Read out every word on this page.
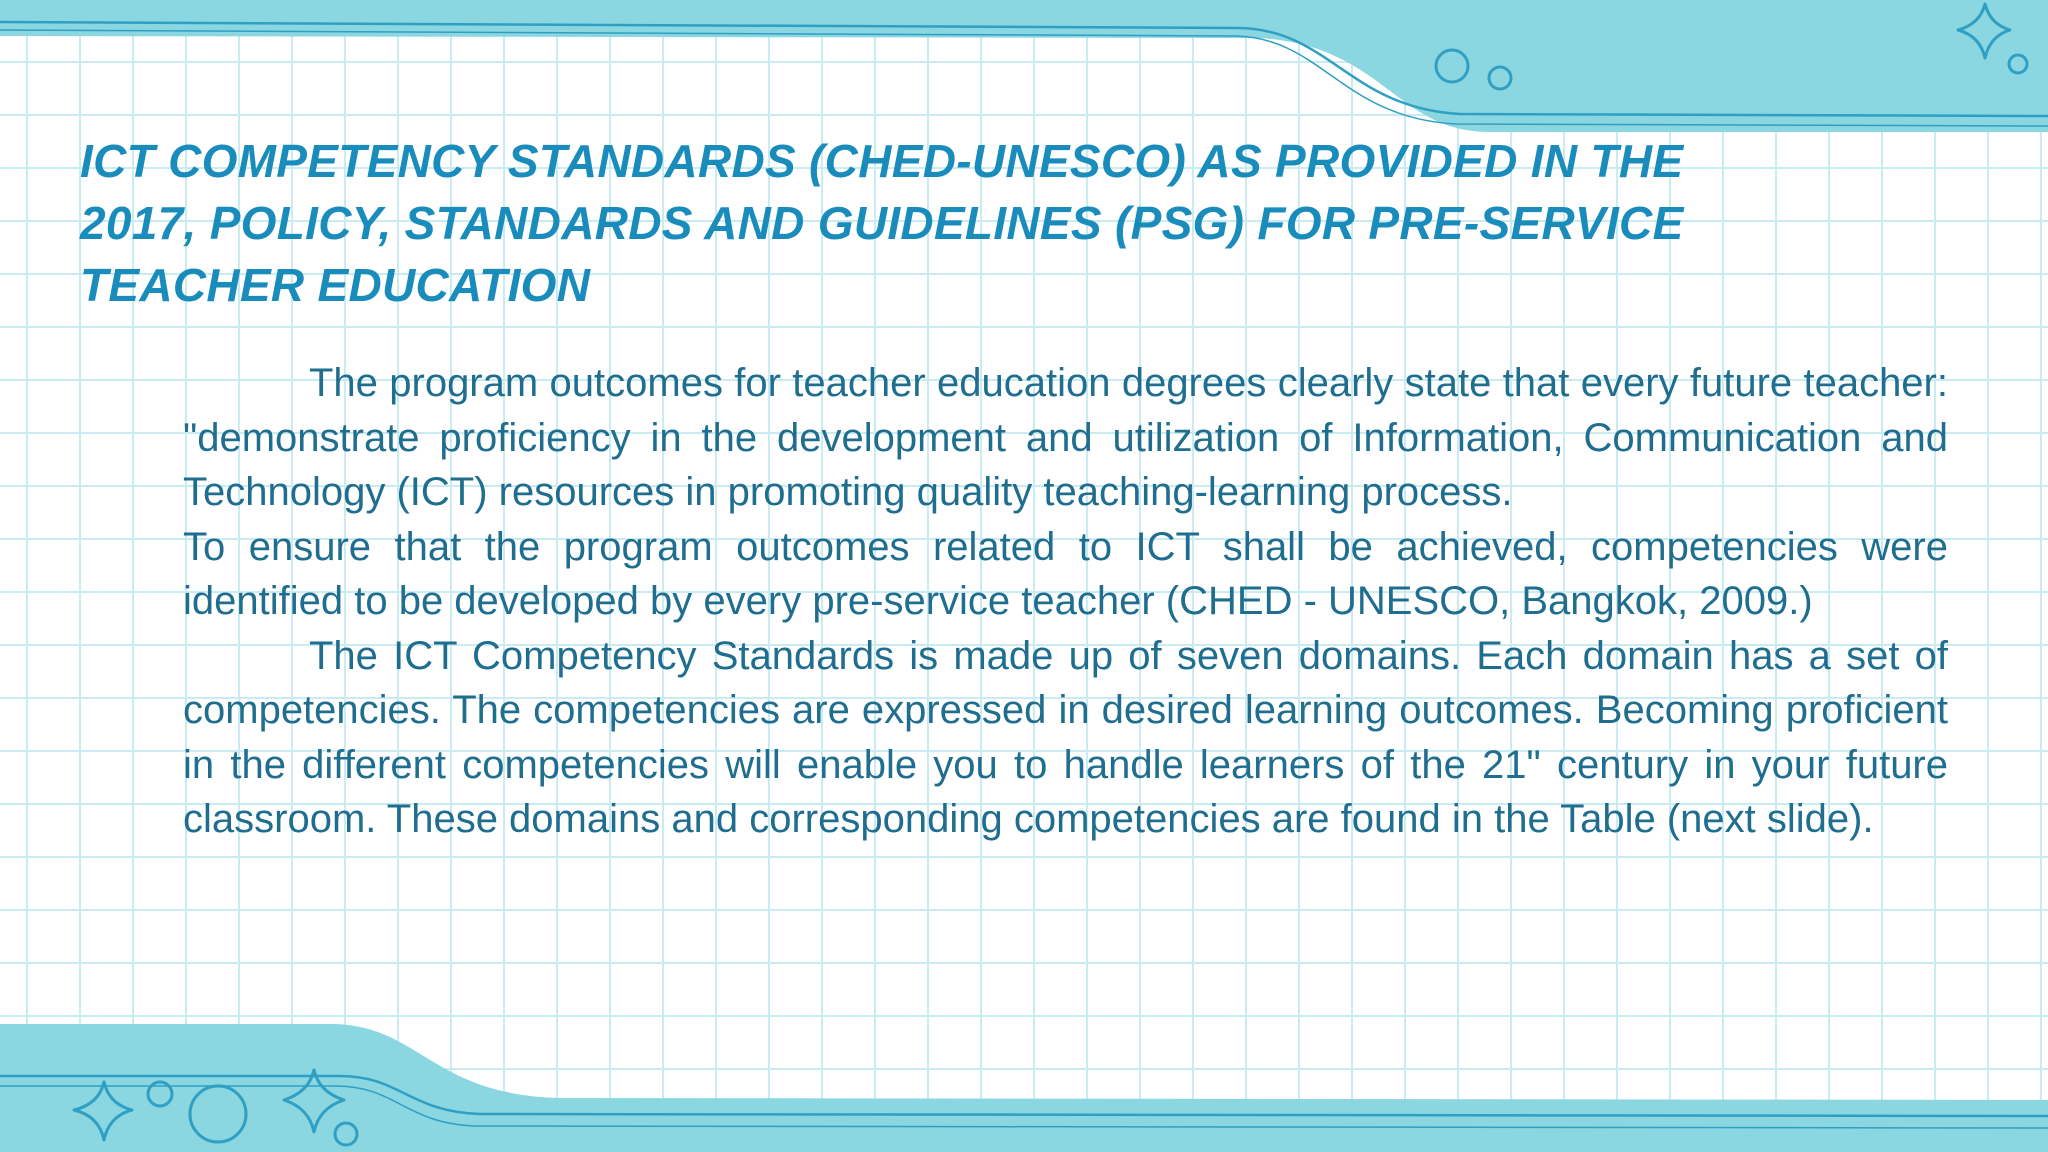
ICT COMPETENCY STANDARDS (CHED-UNESCO) AS PROVIDED IN THE 2017, POLICY, STANDARDS AND GUIDELINES (PSG) FOR PRE-SERVICE TEACHER EDUCATION

The program outcomes for teacher education degrees clearly state that every future teacher: "demonstrate proficiency in the development and utilization of Information, Communication and Technology (ICT) resources in promoting quality teaching-learning process.

To ensure that the program outcomes related to ICT shall be achieved, competencies were identified to be developed by every pre-service teacher (CHED - UNESCO, Bangkok, 2009.)

The ICT Competency Standards is made up of seven domains. Each domain has a set of competencies. The competencies are expressed in desired learning outcomes. Becoming proficient in the different competencies will enable you to handle learners of the 21" century in your future classroom. These domains and corresponding competencies are found in the Table (next slide).
